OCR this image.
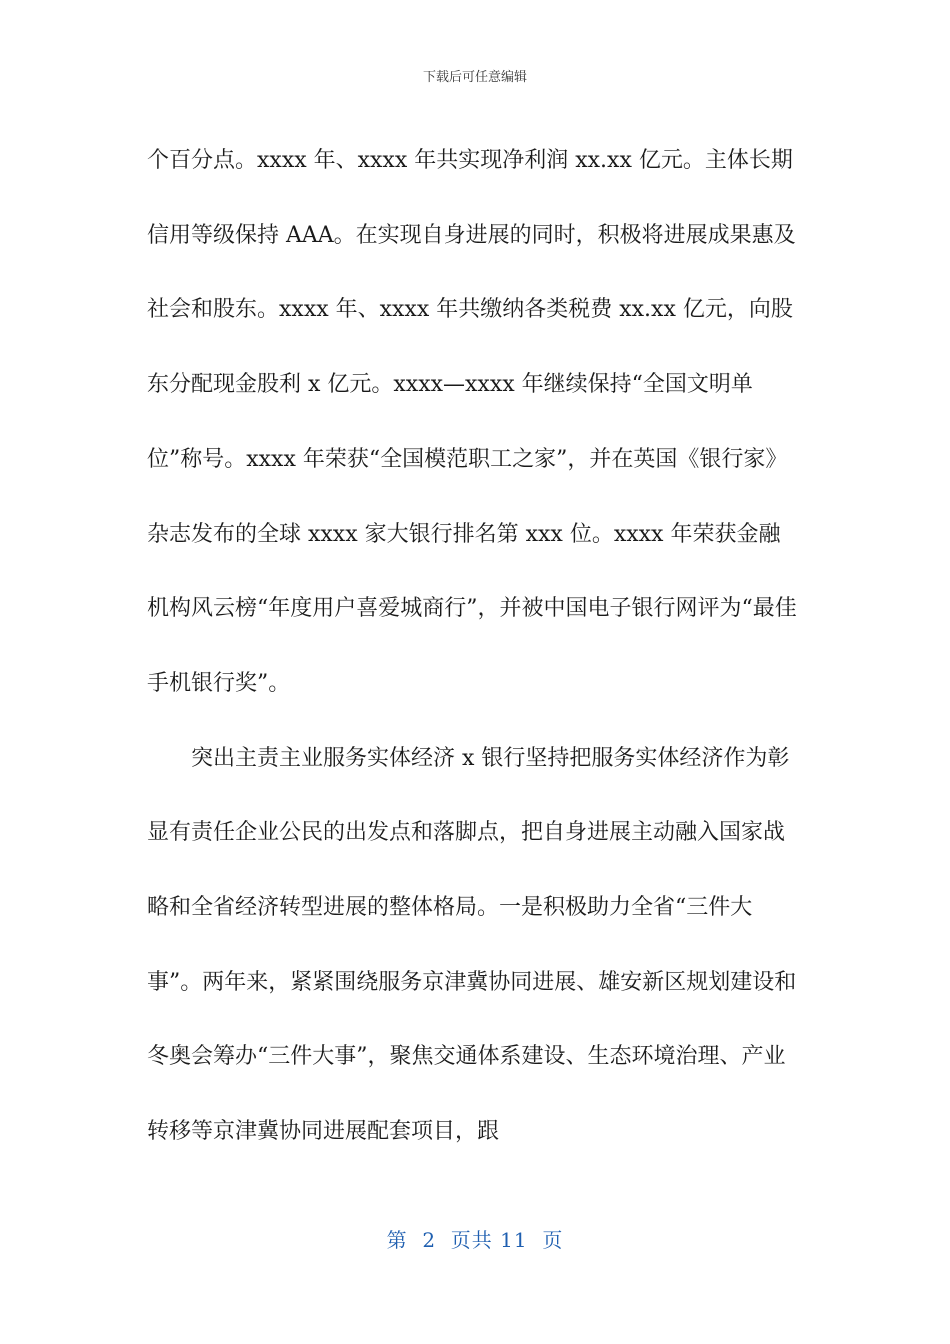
下载后可任意编辑

个百分点。xxxx 年、xxxx 年共实现净利润 xx.xx 亿元。主体长期信用等级保持 AAA。在实现自身进展的同时，积极将进展成果惠及社会和股东。xxxx 年、xxxx 年共缴纳各类税费 xx.xx 亿元，向股东分配现金股利 x 亿元。xxxx—xxxx 年继续保持“全国文明单位”称号。xxxx 年荣获“全国模范职工之家”，并在英国《银行家》杂志发布的全球 xxxx 家大银行排名第 xxx 位。xxxx 年荣获金融机构风云榜“年度用户喜爱城商行”，并被中国电子银行网评为“最佳手机银行奖”。

突出主责主业服务实体经济 x 银行坚持把服务实体经济作为彰显有责任企业公民的出发点和落脚点，把自身进展主动融入国家战略和全省经济转型进展的整体格局。一是积极助力全省“三件大事”。两年来，紧紧围绕服务京津冀协同进展、雄安新区规划建设和冬奥会筹办“三件大事”，聚焦交通体系建设、生态环境治理、产业转移等京津冀协同进展配套项目，跟

第  2  页共 11  页
